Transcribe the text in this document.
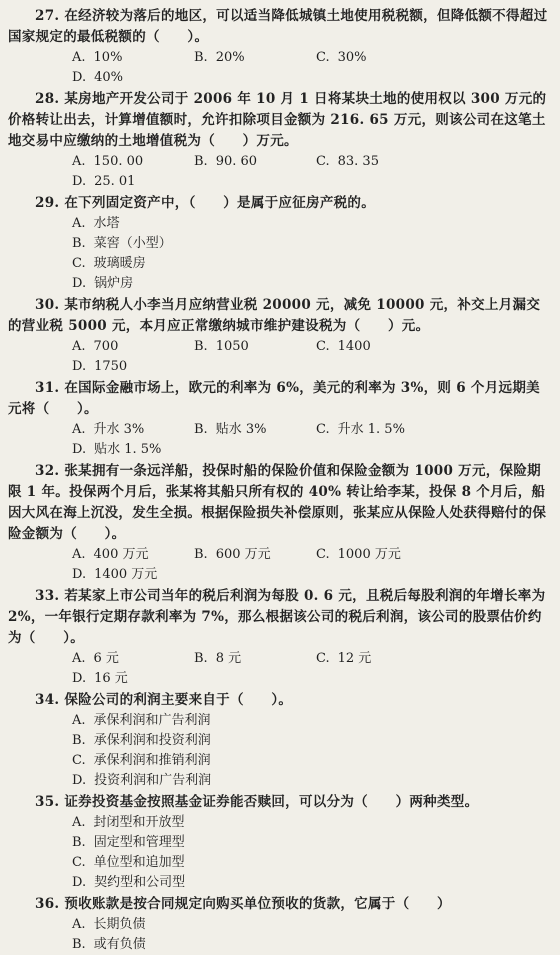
27. 在经济较为落后的地区，可以适当降低城镇土地使用税税额，但降低额不得超过国家规定的最低税额的（　　）。

A. 10%	B. 20%	C. 30%
D. 40%

28. 某房地产开发公司于 2006 年 10 月 1 日将某块土地的使用权以 300 万元的价格转让出去，计算增值额时，允许扣除项目金额为 216. 65 万元，则该公司在这笔土地交易中应缴纳的土地增值税为（　　）万元。

A. 150. 00	B. 90. 60	C. 83. 35
D. 25. 01

29. 在下列固定资产中，（　　）是属于应征房产税的。

A. 水塔
B. 菜窖（小型）
C. 玻璃暖房
D. 锅炉房

30. 某市纳税人小李当月应纳营业税 20000 元，减免 10000 元，补交上月漏交的营业税 5000 元，本月应正常缴纳城市维护建设税为（　　）元。

A. 700	B. 1050	C. 1400
D. 1750

31. 在国际金融市场上，欧元的利率为 6%，美元的利率为 3%，则 6 个月远期美元将（　　）。

A. 升水 3%	B. 贴水 3%	C. 升水 1. 5%
D. 贴水 1. 5%

32. 张某拥有一条远洋船，投保时船的保险价值和保险金额为 1000 万元，保险期限 1 年。投保两个月后，张某将其船只所有权的 40% 转让给李某，投保 8 个月后，船因大风在海上沉没，发生全损。根据保险损失补偿原则，张某应从保险人处获得赔付的保险金额为（　　）。

A. 400 万元	B. 600 万元	C. 1000 万元
D. 1400 万元

33. 若某家上市公司当年的税后利润为每股 0. 6 元，且税后每股利润的年增长率为 2%，一年银行定期存款利率为 7%，那么根据该公司的税后利润，该公司的股票估价约为（　　）。

A. 6 元	B. 8 元	C. 12 元
D. 16 元

34. 保险公司的利润主要来自于（　　）。

A. 承保利润和广告利润
B. 承保利润和投资利润
C. 承保利润和推销利润
D. 投资利润和广告利润

35. 证券投资基金按照基金证券能否赎回，可以分为（　　）两种类型。

A. 封闭型和开放型
B. 固定型和管理型
C. 单位型和追加型
D. 契约型和公司型

36. 预收账款是按合同规定向购买单位预收的货款，它属于（　　）

A. 长期负债
B. 或有负债
